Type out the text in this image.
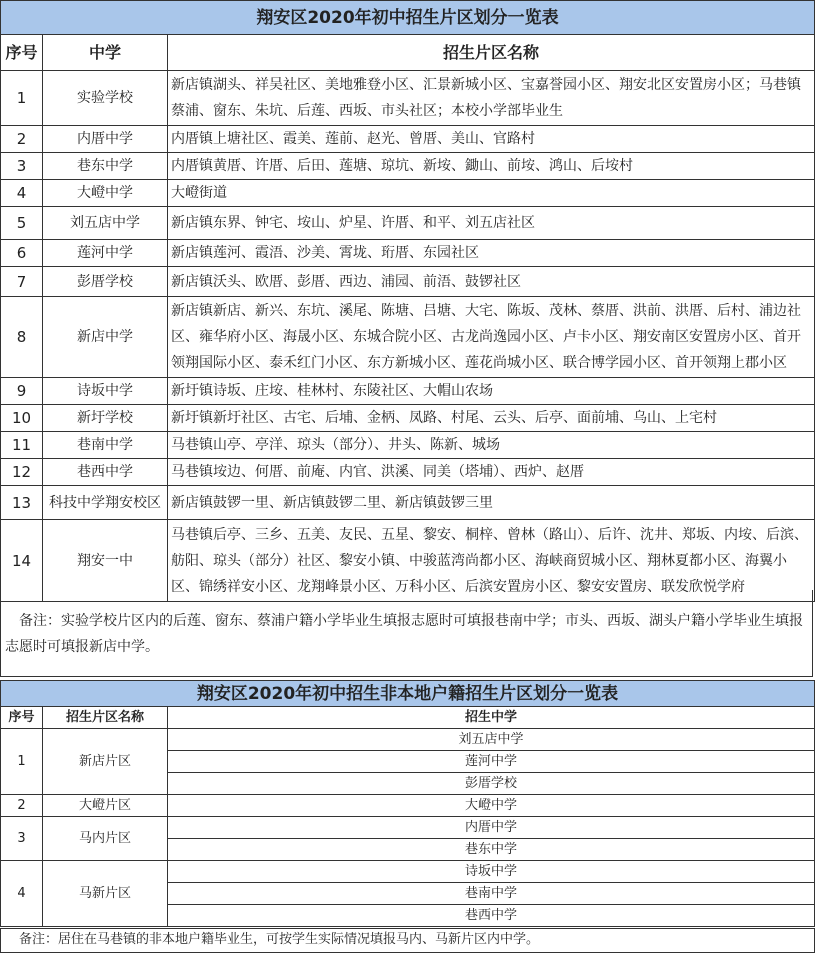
翔安区2020年初中招生片区划分一览表		
序号	中学	招生片区名称
1	实验学校	新店镇湖头、祥吴社区、美地雅登小区、汇景新城小区、宝嘉誉园小区、翔安北区安置房小区；马巷镇蔡浦、窗东、朱坑、后莲、西坂、市头社区；本校小学部毕业生
2	内厝中学	内厝镇上塘社区、霞美、莲前、赵光、曾厝、美山、官路村
3	巷东中学	内厝镇黄厝、许厝、后田、莲塘、琼坑、新垵、鋤山、前垵、鸿山、后垵村
4	大嶝中学	大嶝街道
5	刘五店中学	新店镇东界、钟宅、垵山、炉星、许厝、和平、刘五店社区
6	莲河中学	新店镇莲河、霞浯、沙美、霄垅、珩厝、东园社区
7	彭厝学校	新店镇沃头、欧厝、彭厝、西边、浦园、前浯、鼓锣社区
8	新店中学	新店镇新店、新兴、东坑、溪尾、陈塘、吕塘、大宅、陈坂、茂林、蔡厝、洪前、洪厝、后村、浦边社区、雍华府小区、海晟小区、东城合院小区、古龙尚逸园小区、卢卡小区、翔安南区安置房小区、首开领翔国际小区、泰禾红门小区、东方新城小区、莲花尚城小区、联合博学园小区、首开领翔上郡小区
9	诗坂中学	新圩镇诗坂、庄垵、桂林村、东陵社区、大帽山农场
10	新圩学校	新圩镇新圩社区、古宅、后埔、金柄、凤路、村尾、云头、后亭、面前埔、乌山、上宅村
11	巷南中学	马巷镇山亭、亭洋、琼头（部分）、井头、陈新、城场
12	巷西中学	马巷镇垵边、何厝、前庵、内官、洪溪、同美（塔埔）、西炉、赵厝
13	科技中学翔安校区	新店镇鼓锣一里、新店镇鼓锣二里、新店镇鼓锣三里
14	翔安一中	马巷镇后亭、三乡、五美、友民、五星、黎安、桐梓、曾林（路山）、后许、沈井、郑坂、内垵、后滨、舫阳、琼头（部分）社区、黎安小镇、中骏蓝湾尚都小区、海峡商贸城小区、翔林夏都小区、海翼小区、锦绣祥安小区、龙翔峰景小区、万科小区、后滨安置房小区、黎安安置房、联发欣悦学府
备注：实验学校片区内的后莲、窗东、蔡浦户籍小学毕业生填报志愿时可填报巷南中学；市头、西坂、湖头户籍小学毕业生填报志愿时可填报新店中学。
翔安区2020年初中招生非本地户籍招生片区划分一览表		
序号	招生片区名称	招生中学
1	新店片区	刘五店中学
		莲河中学
		彭厝学校
2	大嶝片区	大嶝中学
3	马内片区	内厝中学
		巷东中学
4	马新片区	诗坂中学
		巷南中学
		巷西中学
备注：居住在马巷镇的非本地户籍毕业生，可按学生实际情况填报马内、马新片区内中学。
